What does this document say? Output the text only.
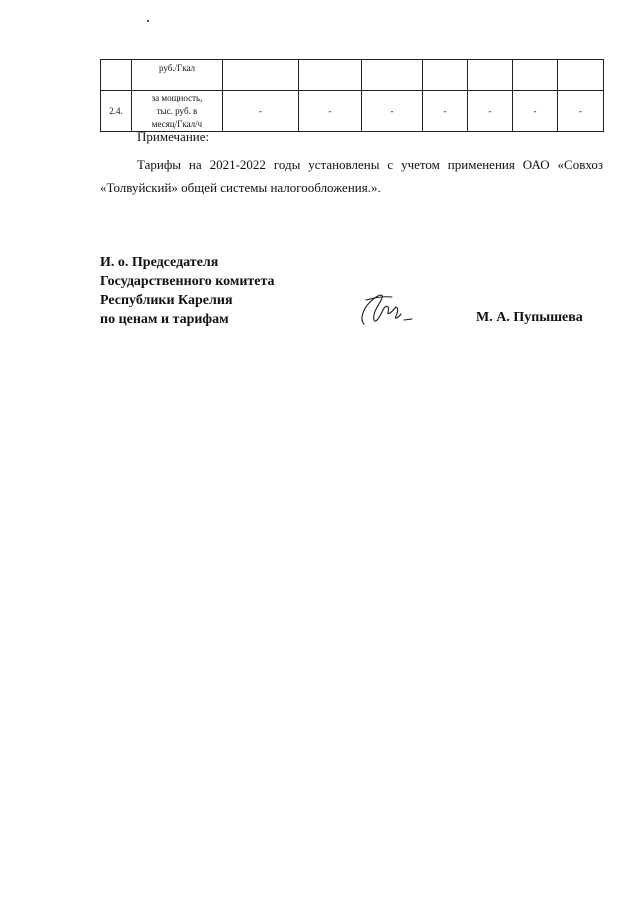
	руб./Гкал							
2.4.	за мощность,
тыс. руб. в
месяц/Гкал/ч	-	-	-	-	-	-	-

Примечание:

Тарифы на 2021-2022 годы установлены с учетом применения ОАО «Совхоз «Толвуйский» общей системы налогообложения.».

И. о. Председателя
Государственного комитета
Республики Карелия
по ценам и тарифам	М. А. Пупышева
